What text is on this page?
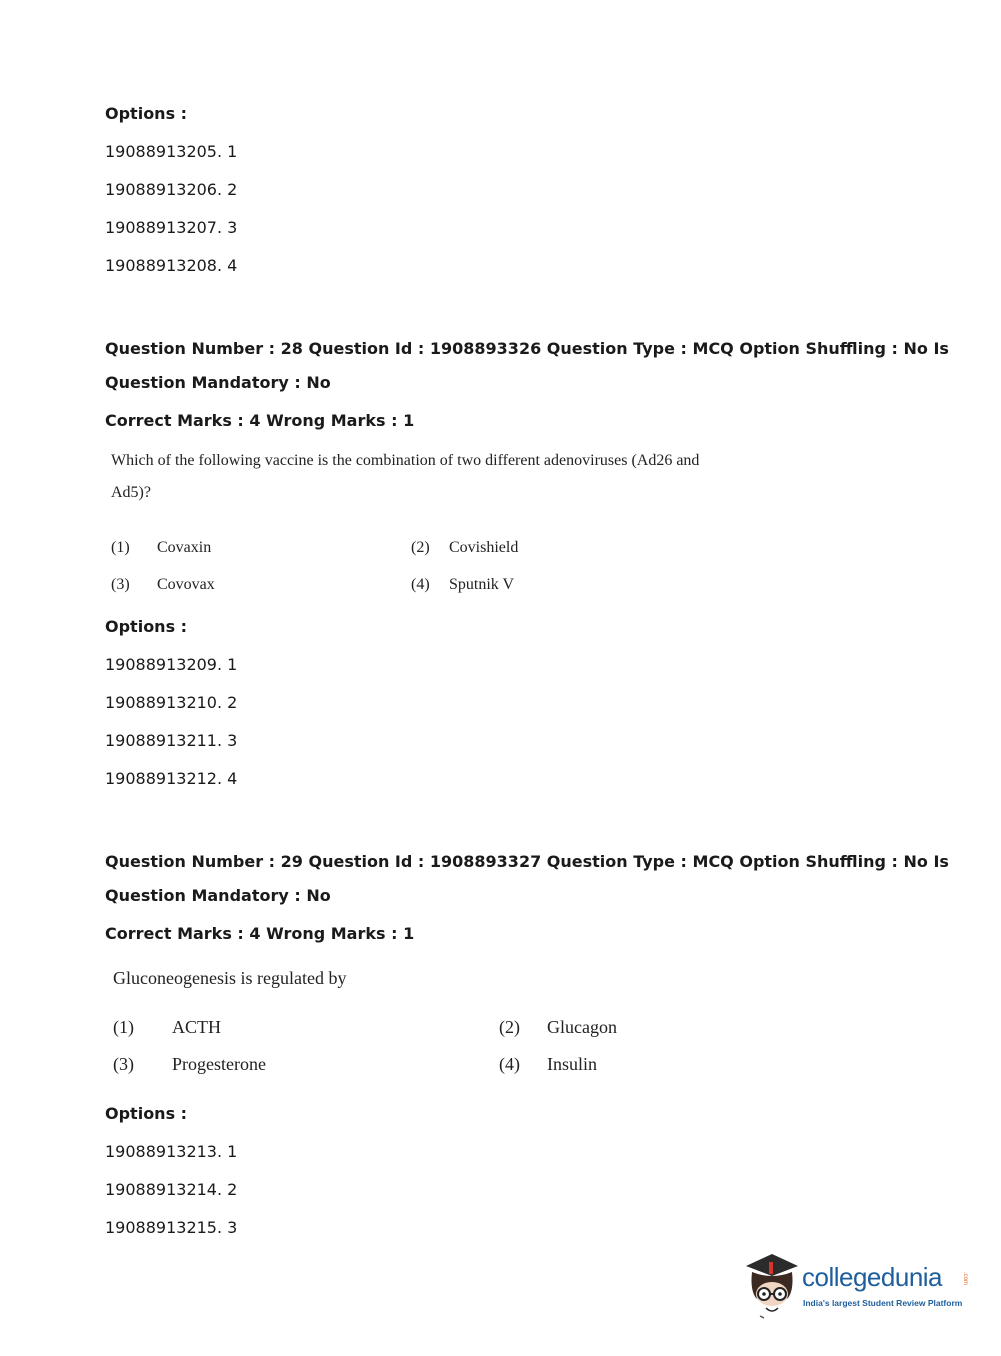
Options :
19088913205. 1
19088913206. 2
19088913207. 3
19088913208. 4
Question Number : 28 Question Id : 1908893326 Question Type : MCQ Option Shuffling : No Is
Question Mandatory : No
Correct Marks : 4 Wrong Marks : 1
Which of the following vaccine is the combination of two different adenoviruses (Ad26 and
Ad5)?
(1) Covaxin	(2) Covishield
(3) Covovax	(4) Sputnik V
Options :
19088913209. 1
19088913210. 2
19088913211. 3
19088913212. 4
Question Number : 29 Question Id : 1908893327 Question Type : MCQ Option Shuffling : No Is
Question Mandatory : No
Correct Marks : 4 Wrong Marks : 1
Gluconeogenesis is regulated by
(1) ACTH	(2) Glucagon
(3) Progesterone	(4) Insulin
Options :
19088913213. 1
19088913214. 2
19088913215. 3
collegedunia	.com
India's largest Student Review Platform
